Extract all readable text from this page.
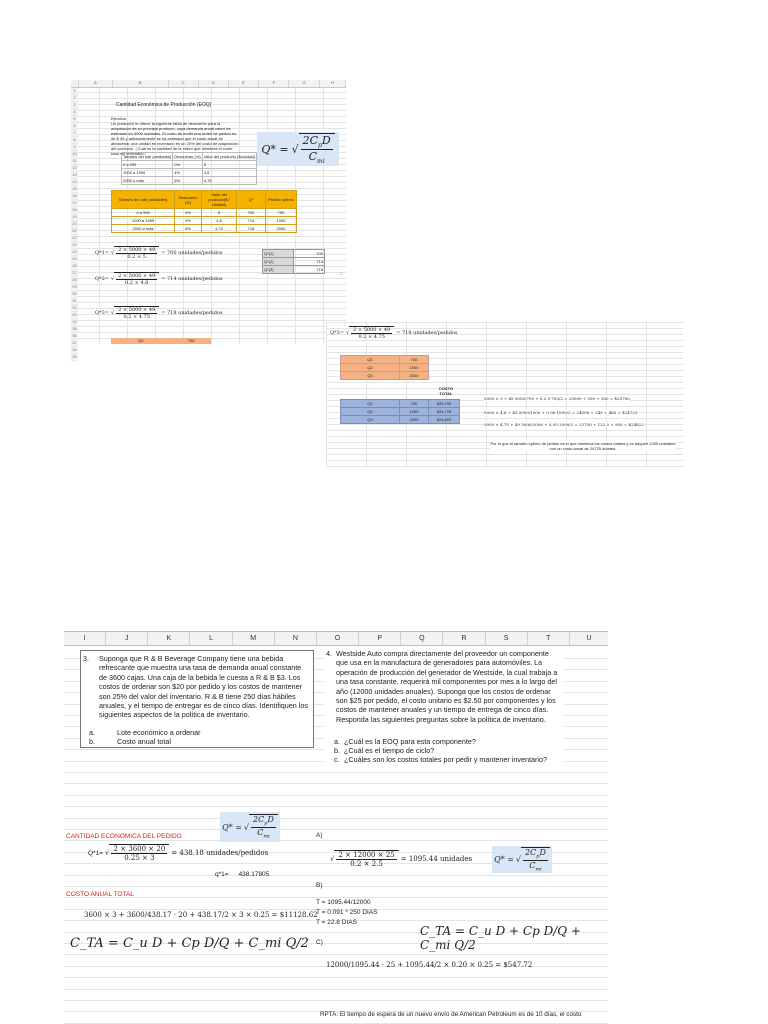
A	B	C	D	E	F	G	H
1
2
3
4
5
6
7
8
9
10
11
12
13
14
15
16
17
18
19
20
21
22
23
24
25
26
27
28
29
30
31
32
33
34
35
36
37
38
39
Cantidad Económica de Producción (EOQ)
Ejercicio
Un productor le ofrece la siguiente tabla de descuento para la adquisición de su principal producto, cuya demanda anual usted ha estimado en 5000 unidades. El costo de emitir una orden de pedido es de $ 49 y adicionalmente se ha estimado que el costo anual de almacenar una unidad en inventario es un 20% del costo de adquisición del producto. ¿Cuál es la cantidad de la orden que minimiza el costo total del inventario?
Tamaño del lote (unidades)	Descuento (%)	Valor del producto ($/unidad)
0 a 999	0%	5
1000 a 1999	4%	4,8
2000 o más	5%	4,75
Q* = √ $\frac{2C_pD}{C_{mi}}$
Tamaño de Lote (unidades)	Descuento (%)	Valor del producto($ / Unidad)	Q*	Pedido optimo
0 a 999	0%	5	700	700
1000 a 1999	4%	4,8	714	1000
2000 a más	5%	4,75	718	2000
Q*1= √ $\frac{2 \times 5000 \times 49}{0.2 \times 5} = 700$ unidades/pedidos
Q*2= √ $\frac{2 \times 5000 \times 49}{0.2 \times 4.8} = 714$ unidades/pedidos
Q*3= √ $\frac{2 \times 5000 \times 49}{0.2 \times 4.75} = 718$ unidades/pedidos
Q*(1)	700
Q*(2)	714
Q*(3)	718
Q1	700
C
Q*3= √ $\frac{2 \times 5000 \times 49}{0.2 \times 4.75} = 718$ unidades/pedidos
Q1	700
Q2	1000
Q3	2000
COSTO TOTAL
Q1	700	$25,700
Q2	1000	$24,725
Q3	2000	$24,822
5000 × 5 + 49 5000/700 + 0.2·5·700/2 = 25000 + 350 + 350 = $25700
5000 × 4.8 + 49 5000/1000 + 0.96·1000/2 = 24000 + 245 + 480 = $24725
5000 × 4.75 + 49 5000/2000 + 0.95·2000/2 = 23750 + 122.5 + 950 = $24822
Por lo que el tamaño óptimo de pedido es el que minimiza los costos totales y es adquirir 1000 unidades con un costo anual de 24725 dólares.
I	J	K	L	M	N	O	P	Q	R	S	T	U
3. Suponga que R & B Beverage Company tiene una bebida refrescante que muestra una tasa de demanda anual constante de 3600 cajas. Una caja de la bebida le cuesta a R & B $3. Los costos de ordenar son $20 por pedido y los costos de mantener son 25% del valor del inventario. R & B tiene 250 días hábiles anuales, y el tiempo de entregar es de cinco días. Identifiquen los siguientes aspectos de la política de inventario.
a.	Lote económico a ordenar
b.	Costo anual total
4. Westside Auto compra directamente del proveedor un componente que usa en la manufactura de generadores para automóviles. La operación de producción del generador de Westside, la cual trabaja a una tasa constante, requerirá mil componentes por mes a lo largo del año (12000 unidades anuales). Suponga que los costos de ordenar son $25 por pedido, el costo unitario es $2.50 por componentes y los costos de mantener anuales y un tiempo de entrega de cinco días. Responda las siguientes preguntas sobre la política de inventario.
a. ¿Cuál es la EOQ para esta componente?
b. ¿Cuál es el tiempo de ciclo?
c. ¿Cuáles son los costos totales por pedir y mantener inventario?
Q* = √ $\frac{2C_pD}{C_{mi}}$
CANTIDAD ECONOMICA DEL PEDIDO
Q*1= √ $\frac{2 \times 3600 \times 20}{0.25 \times 3} = 438.18$ unidades/pedidos
q*1= 438.17805
COSTO ANUAL TOTAL
3600 × 3 + 3600/438.17 · 20 + 438.17/2 × 3 × 0.25 = $11128.62
C_TA = C_u D + Cp D/Q + C_mi Q/2
A)
√ $\frac{2 \times 12000 \times 25}{0.2 \times 2.5} = 1095.44$ unidades	Q* = √ $\frac{2C_pD}{C_{mi}}$
B)
T = 1095.44/12000
T = 0.091 * 250 DIAS
T = 22.8 DIAS
C_TA = C_u D + Cp D/Q + C_mi Q/2
C)
12000/1095.44 · 25 + 1095.44/2 × 0.20 × 0.25 = $547.72
RPTA: El tiempo de espera de un nuevo envío de American Petroleum es de 10 días, el costo
